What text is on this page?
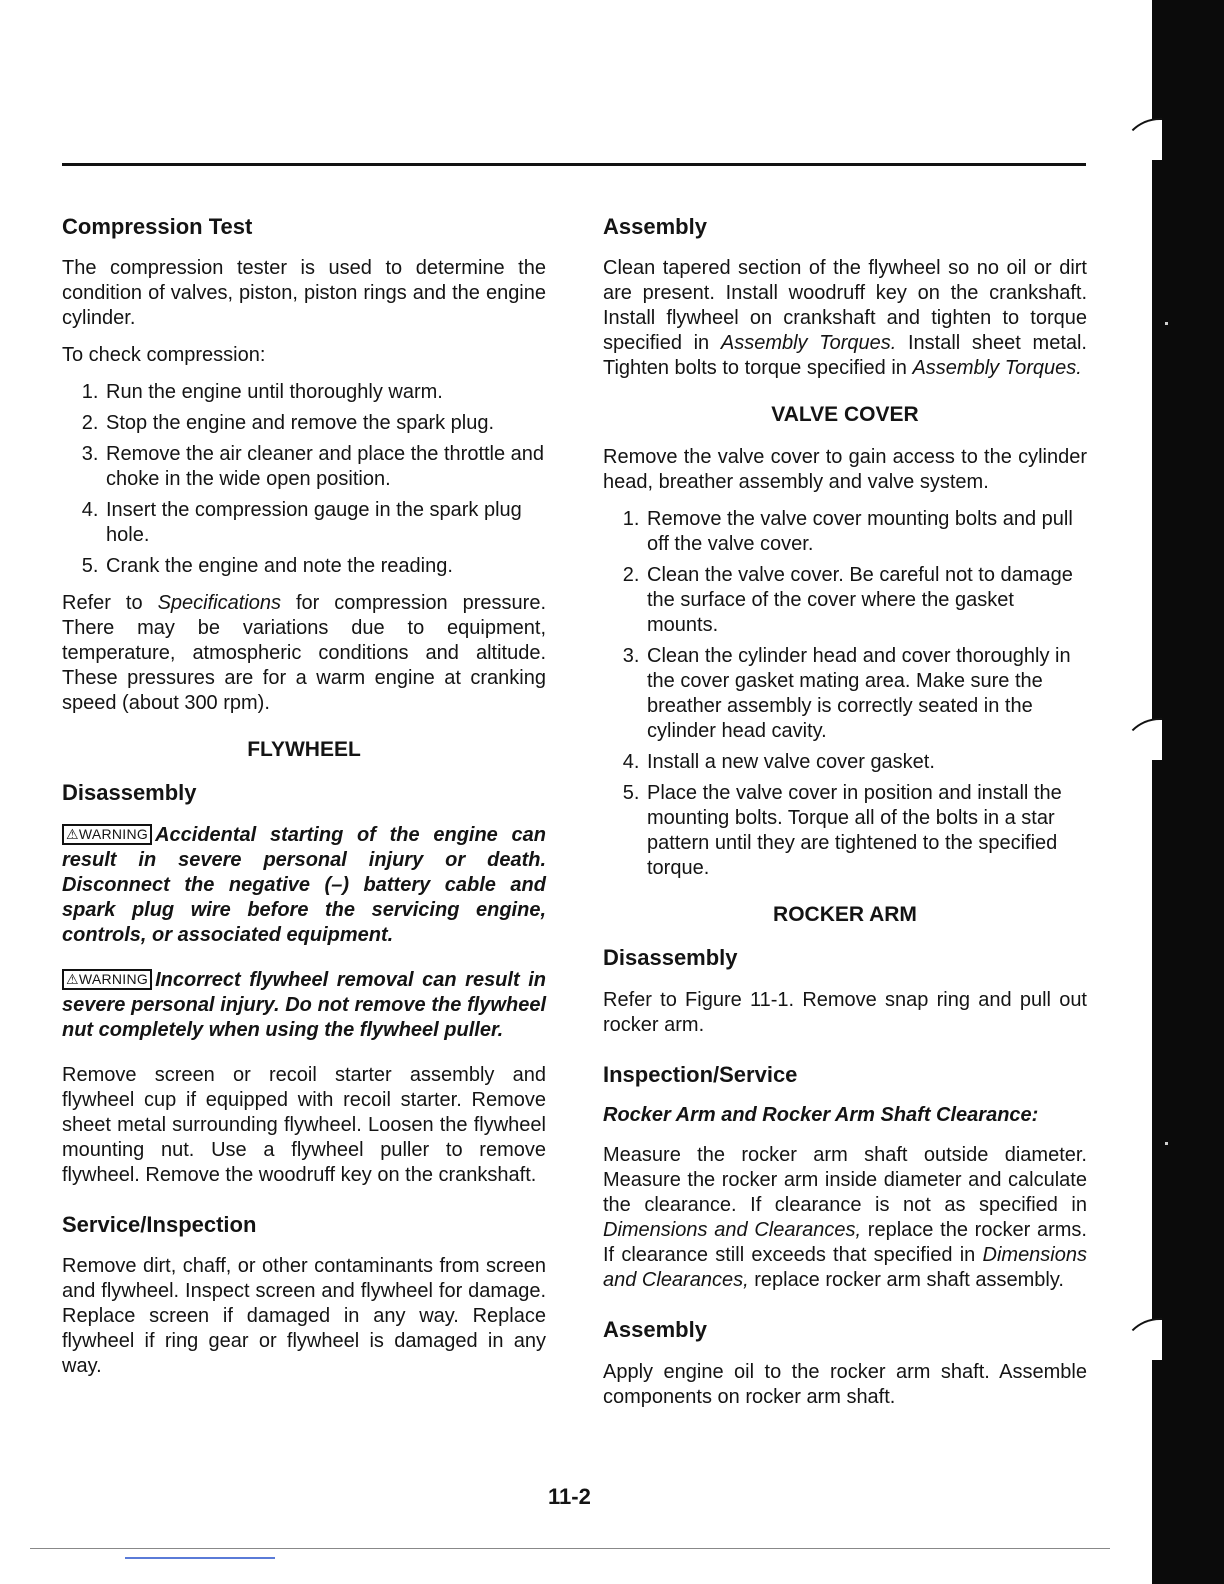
Compression Test

The compression tester is used to determine the condition of valves, piston, piston rings and the engine cylinder.

To check compression:

1. Run the engine until thoroughly warm.
2. Stop the engine and remove the spark plug.
3. Remove the air cleaner and place the throttle and choke in the wide open position.
4. Insert the compression gauge in the spark plug hole.
5. Crank the engine and note the reading.

Refer to Specifications for compression pressure. There may be variations due to equipment, temperature, atmospheric conditions and altitude. These pressures are for a warm engine at cranking speed (about 300 rpm).

FLYWHEEL
Disassembly

⚠WARNING Accidental starting of the engine can result in severe personal injury or death. Disconnect the negative (–) battery cable and spark plug wire before the servicing engine, controls, or associated equipment.

⚠WARNING Incorrect flywheel removal can result in severe personal injury. Do not remove the flywheel nut completely when using the flywheel puller.

Remove screen or recoil starter assembly and flywheel cup if equipped with recoil starter. Remove sheet metal surrounding flywheel. Loosen the flywheel mounting nut. Use a flywheel puller to remove flywheel. Remove the woodruff key on the crankshaft.

Service/Inspection

Remove dirt, chaff, or other contaminants from screen and flywheel. Inspect screen and flywheel for damage. Replace screen if damaged in any way. Replace flywheel if ring gear or flywheel is damaged in any way.

Assembly

Clean tapered section of the flywheel so no oil or dirt are present. Install woodruff key on the crankshaft. Install flywheel on crankshaft and tighten to torque specified in Assembly Torques. Install sheet metal. Tighten bolts to torque specified in Assembly Torques.

VALVE COVER

Remove the valve cover to gain access to the cylinder head, breather assembly and valve system.

1. Remove the valve cover mounting bolts and pull off the valve cover.
2. Clean the valve cover. Be careful not to damage the surface of the cover where the gasket mounts.
3. Clean the cylinder head and cover thoroughly in the cover gasket mating area. Make sure the breather assembly is correctly seated in the cylinder head cavity.
4. Install a new valve cover gasket.
5. Place the valve cover in position and install the mounting bolts. Torque all of the bolts in a star pattern until they are tightened to the specified torque.
ROCKER ARM
Disassembly

Refer to Figure 11-1. Remove snap ring and pull out rocker arm.

Inspection/Service
Rocker Arm and Rocker Arm Shaft Clearance:

Measure the rocker arm shaft outside diameter. Measure the rocker arm inside diameter and calculate the clearance. If clearance is not as specified in Dimensions and Clearances, replace the rocker arms. If clearance still exceeds that specified in Dimensions and Clearances, replace rocker arm shaft assembly.

Assembly

Apply engine oil to the rocker arm shaft. Assemble components on rocker arm shaft.

11-2
